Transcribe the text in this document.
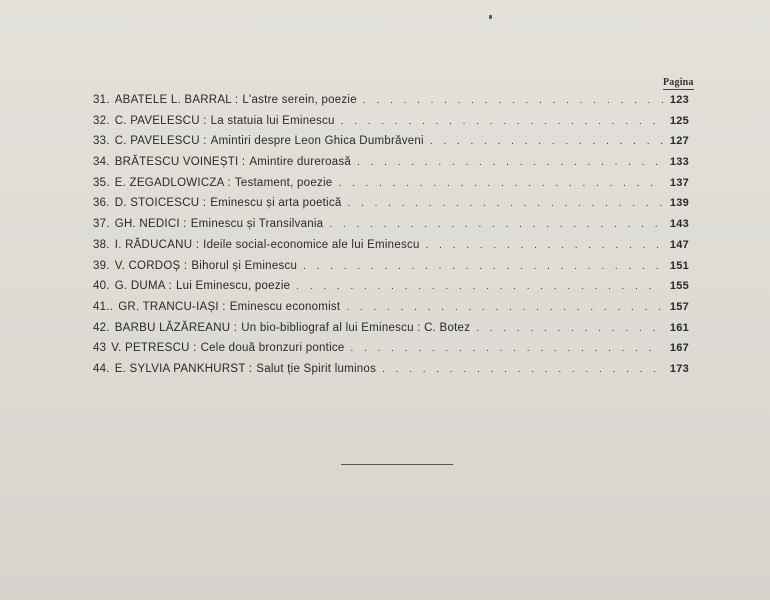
Pagina
31. ABATELE L. BARRAL : L'astre serein, poezie . . .	123
32. C. PAVELESCU : La statuia lui Eminescu . . .	125
33. C. PAVELESCU : Amintiri despre Leon Ghica Dumbrăveni . . .	127
34. BRĂTESCU VOINEȘTI : Amintire dureroasă . . .	133
35. E. ZEGADLOWICZA : Testament, poezie . . .	137
36. D. STOICESCU : Eminescu și arta poetică . . .	139
37. GH. NEDICI : Eminescu și Transilvania . . .	143
38. I. RĂDUCANU : Ideile social-economice ale lui Eminescu . . .	147
39. V. CORDOȘ : Bihorul și Eminescu . . .	151
40. G. DUMA : Lui Eminescu, poezie . . .	155
41.. GR. TRANCU-IAȘI : Eminescu economist . . .	157
42. BARBU LĂZĂREANU : Un bio-bibliograf al lui Eminescu : C. Botez . . .	161
43 V. PETRESCU : Cele două bronzuri pontice . . .	167
44. E. SYLVIA PANKHURST : Salut ție Spirit luminos . . .	173
